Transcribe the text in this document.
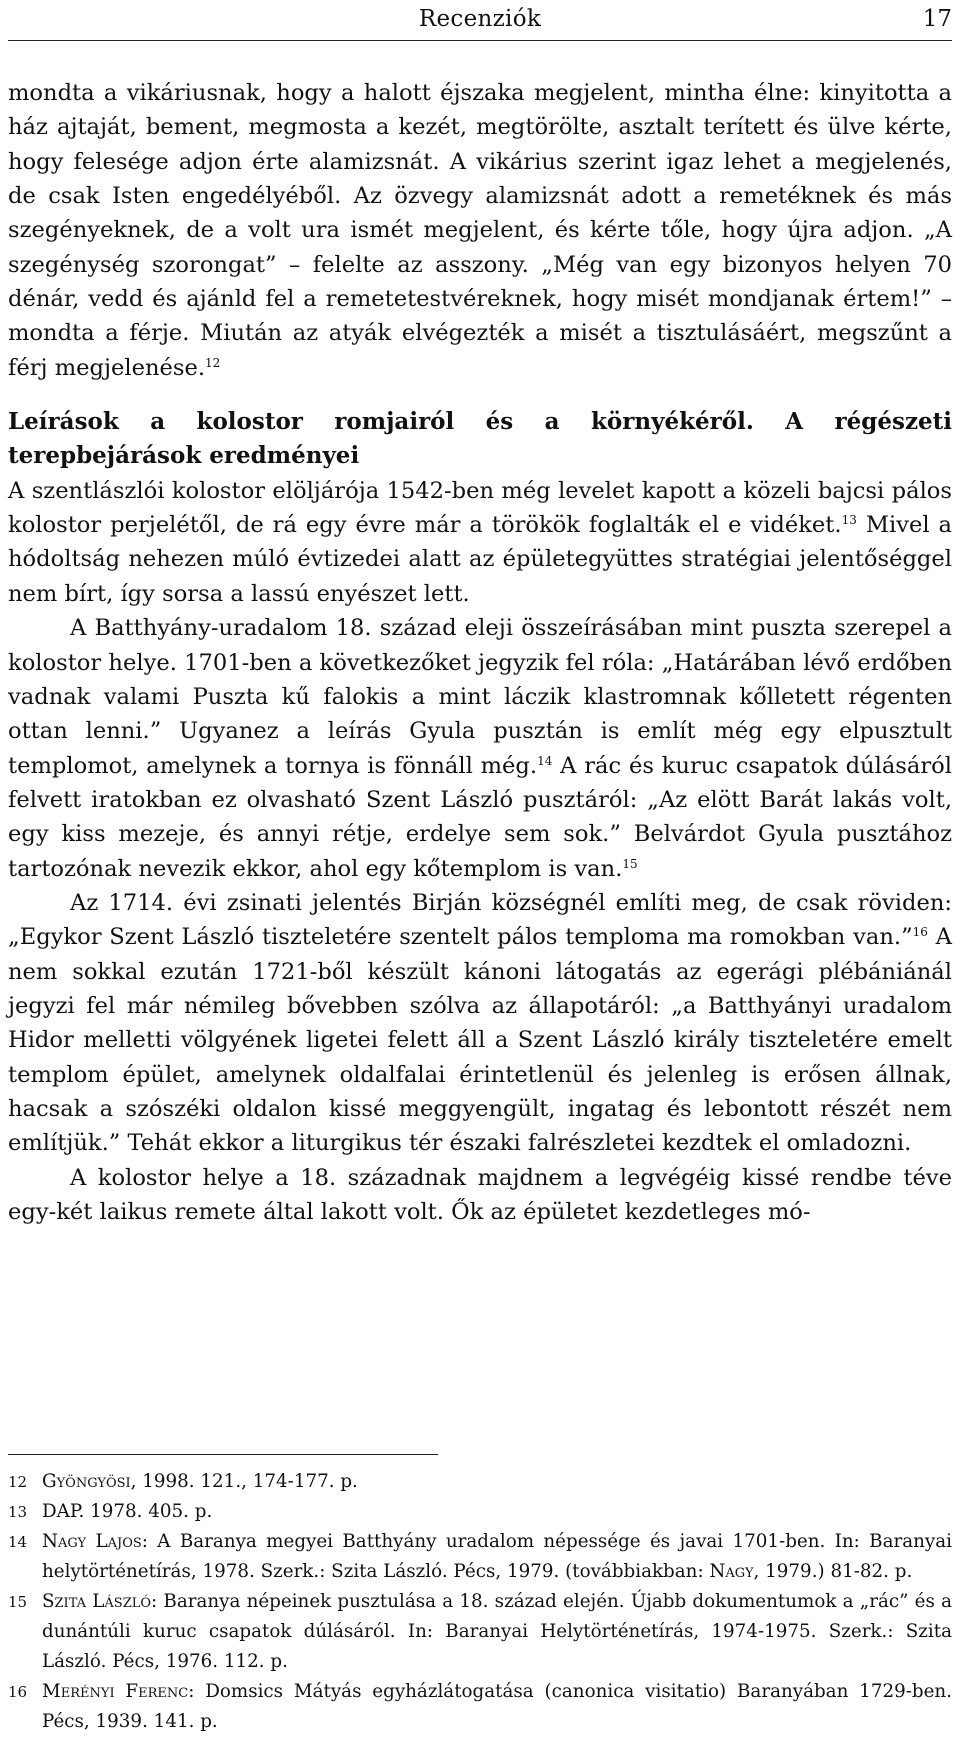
Recenziók	17

mondta a vikáriusnak, hogy a halott éjszaka megjelent, mintha élne: kinyitotta a ház ajtaját, bement, megmosta a kezét, megtörölte, asztalt terített és ülve kérte, hogy felesége adjon érte alamizsnát. A vikárius szerint igaz lehet a megjelenés, de csak Isten engedélyéből. Az özvegy alamizsnát adott a remetéknek és más szegényeknek, de a volt ura ismét megjelent, és kérte tőle, hogy újra adjon. „A szegénység szorongat” – felelte az asszony. „Még van egy bizonyos helyen 70 dénár, vedd és ajánld fel a remetetestvéreknek, hogy misét mondjanak értem!” – mondta a férje. Miután az atyák elvégezték a misét a tisztulásáért, megszűnt a férj megjelenése.$^{12}$

Leírások a kolostor romjairól és a környékéről. A régészeti terepbejárások eredményei

A szentlászlói kolostor elöljárója 1542-ben még levelet kapott a közeli bajcsi pálos kolostor perjelétől, de rá egy évre már a törökök foglalták el e vidéket.$^{13}$ Mivel a hódoltság nehezen múló évtizedei alatt az épületegyüttes stratégiai jelentőséggel nem bírt, így sorsa a lassú enyészet lett.

A Batthyány-uradalom 18. század eleji összeírásában mint puszta szerepel a kolostor helye. 1701-ben a következőket jegyzik fel róla: „Határában lévő erdőben vadnak valami Puszta kű falokis a mint láczik klastromnak kőlletett régenten ottan lenni.” Ugyanez a leírás Gyula pusztán is említ még egy elpusztult templomot, amelynek a tornya is fönnáll még.$^{14}$ A rác és kuruc csapatok dúlásáról felvett iratokban ez olvasható Szent László pusztáról: „Az elött Barát lakás volt, egy kiss mezeje, és annyi rétje, erdelye sem sok.” Belvárdot Gyula pusztához tartozónak nevezik ekkor, ahol egy kőtemplom is van.$^{15}$

Az 1714. évi zsinati jelentés Birján községnél említi meg, de csak röviden: „Egykor Szent László tiszteletére szentelt pálos temploma ma romokban van.”$^{16}$ A nem sokkal ezután 1721-ből készült kánoni látogatás az egerági plébániánál jegyzi fel már némileg bővebben szólva az állapotáról: „a Batthyányi uradalom Hidor melletti völgyének ligetei felett áll a Szent László király tiszteletére emelt templom épület, amelynek oldalfalai érintetlenül és jelenleg is erősen állnak, hacsak a szószéki oldalon kissé meggyengült, ingatag és lebontott részét nem említjük.” Tehát ekkor a liturgikus tér északi falrészletei kezdtek el omladozni.

A kolostor helye a 18. századnak majdnem a legvégéig kissé rendbe téve egy-két laikus remete által lakott volt. Ők az épületet kezdetleges mó-

12 Gyöngyösi, 1998. 121., 174-177. p.
13 DAP. 1978. 405. p.
14 Nagy Lajos: A Baranya megyei Batthyány uradalom népessége és javai 1701-ben. In: Baranyai helytörténetírás, 1978. Szerk.: Szita László. Pécs, 1979. (továbbiakban: Nagy, 1979.) 81-82. p.
15 Szita László: Baranya népeinek pusztulása a 18. század elején. Újabb dokumentumok a „rác” és a dunántúli kuruc csapatok dúlásáról. In: Baranyai Helytörténetírás, 1974-1975. Szerk.: Szita László. Pécs, 1976. 112. p.
16 Merényi Ferenc: Domsics Mátyás egyházlátogatása (canonica visitatio) Baranyában 1729-ben. Pécs, 1939. 141. p.
